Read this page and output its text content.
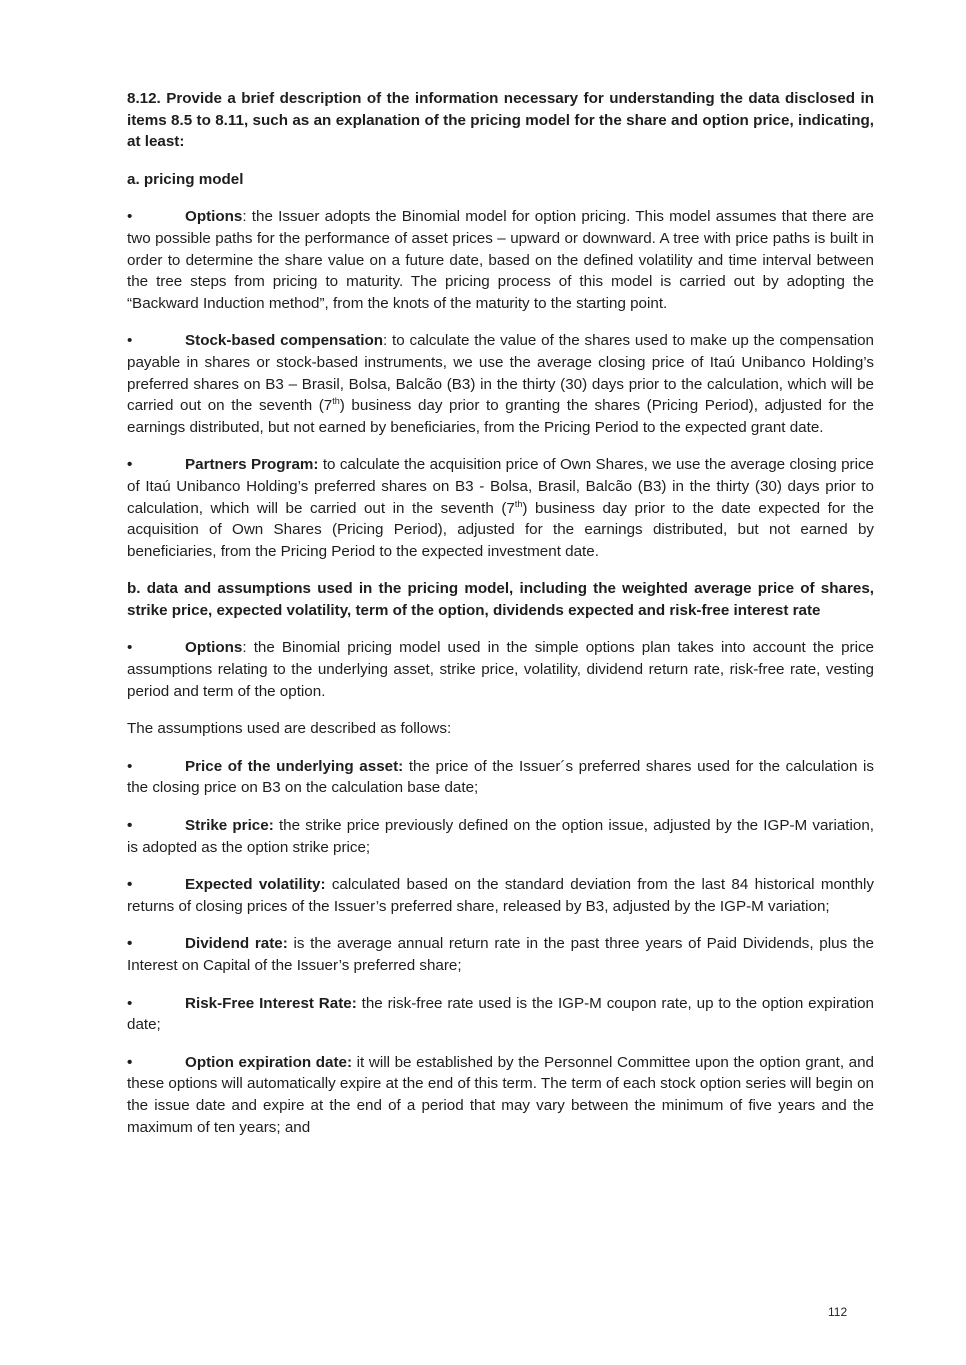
8.12. Provide a brief description of the information necessary for understanding the data disclosed in items 8.5 to 8.11, such as an explanation of the pricing model for the share and option price, indicating, at least:

a. pricing model

•	Options: the Issuer adopts the Binomial model for option pricing. This model assumes that there are two possible paths for the performance of asset prices – upward or downward. A tree with price paths is built in order to determine the share value on a future date, based on the defined volatility and time interval between the tree steps from pricing to maturity. The pricing process of this model is carried out by adopting the “Backward Induction method”, from the knots of the maturity to the starting point.

•	Stock-based compensation: to calculate the value of the shares used to make up the compensation payable in shares or stock-based instruments, we use the average closing price of Itaú Unibanco Holding’s preferred shares on B3 – Brasil, Bolsa, Balcão (B3) in the thirty (30) days prior to the calculation, which will be carried out on the seventh (7th) business day prior to granting the shares (Pricing Period), adjusted for the earnings distributed, but not earned by beneficiaries, from the Pricing Period to the expected grant date.

•	Partners Program: to calculate the acquisition price of Own Shares, we use the average closing price of Itaú Unibanco Holding’s preferred shares on B3 - Bolsa, Brasil, Balcão (B3) in the thirty (30) days prior to calculation, which will be carried out in the seventh (7th) business day prior to the date expected for the acquisition of Own Shares (Pricing Period), adjusted for the earnings distributed, but not earned by beneficiaries, from the Pricing Period to the expected investment date.

b. data and assumptions used in the pricing model, including the weighted average price of shares, strike price, expected volatility, term of the option, dividends expected and risk-free interest rate

•	Options: the Binomial pricing model used in the simple options plan takes into account the price assumptions relating to the underlying asset, strike price, volatility, dividend return rate, risk-free rate, vesting period and term of the option.

The assumptions used are described as follows:

•	Price of the underlying asset: the price of the Issuer´s preferred shares used for the calculation is the closing price on B3 on the calculation base date;

•	Strike price: the strike price previously defined on the option issue, adjusted by the IGP-M variation, is adopted as the option strike price;

•	Expected volatility: calculated based on the standard deviation from the last 84 historical monthly returns of closing prices of the Issuer’s preferred share, released by B3, adjusted by the IGP-M variation;

•	Dividend rate: is the average annual return rate in the past three years of Paid Dividends, plus the Interest on Capital of the Issuer’s preferred share;

•	Risk-Free Interest Rate: the risk-free rate used is the IGP-M coupon rate, up to the option expiration date;

•	Option expiration date: it will be established by the Personnel Committee upon the option grant, and these options will automatically expire at the end of this term. The term of each stock option series will begin on the issue date and expire at the end of a period that may vary between the minimum of five years and the maximum of ten years; and

112
